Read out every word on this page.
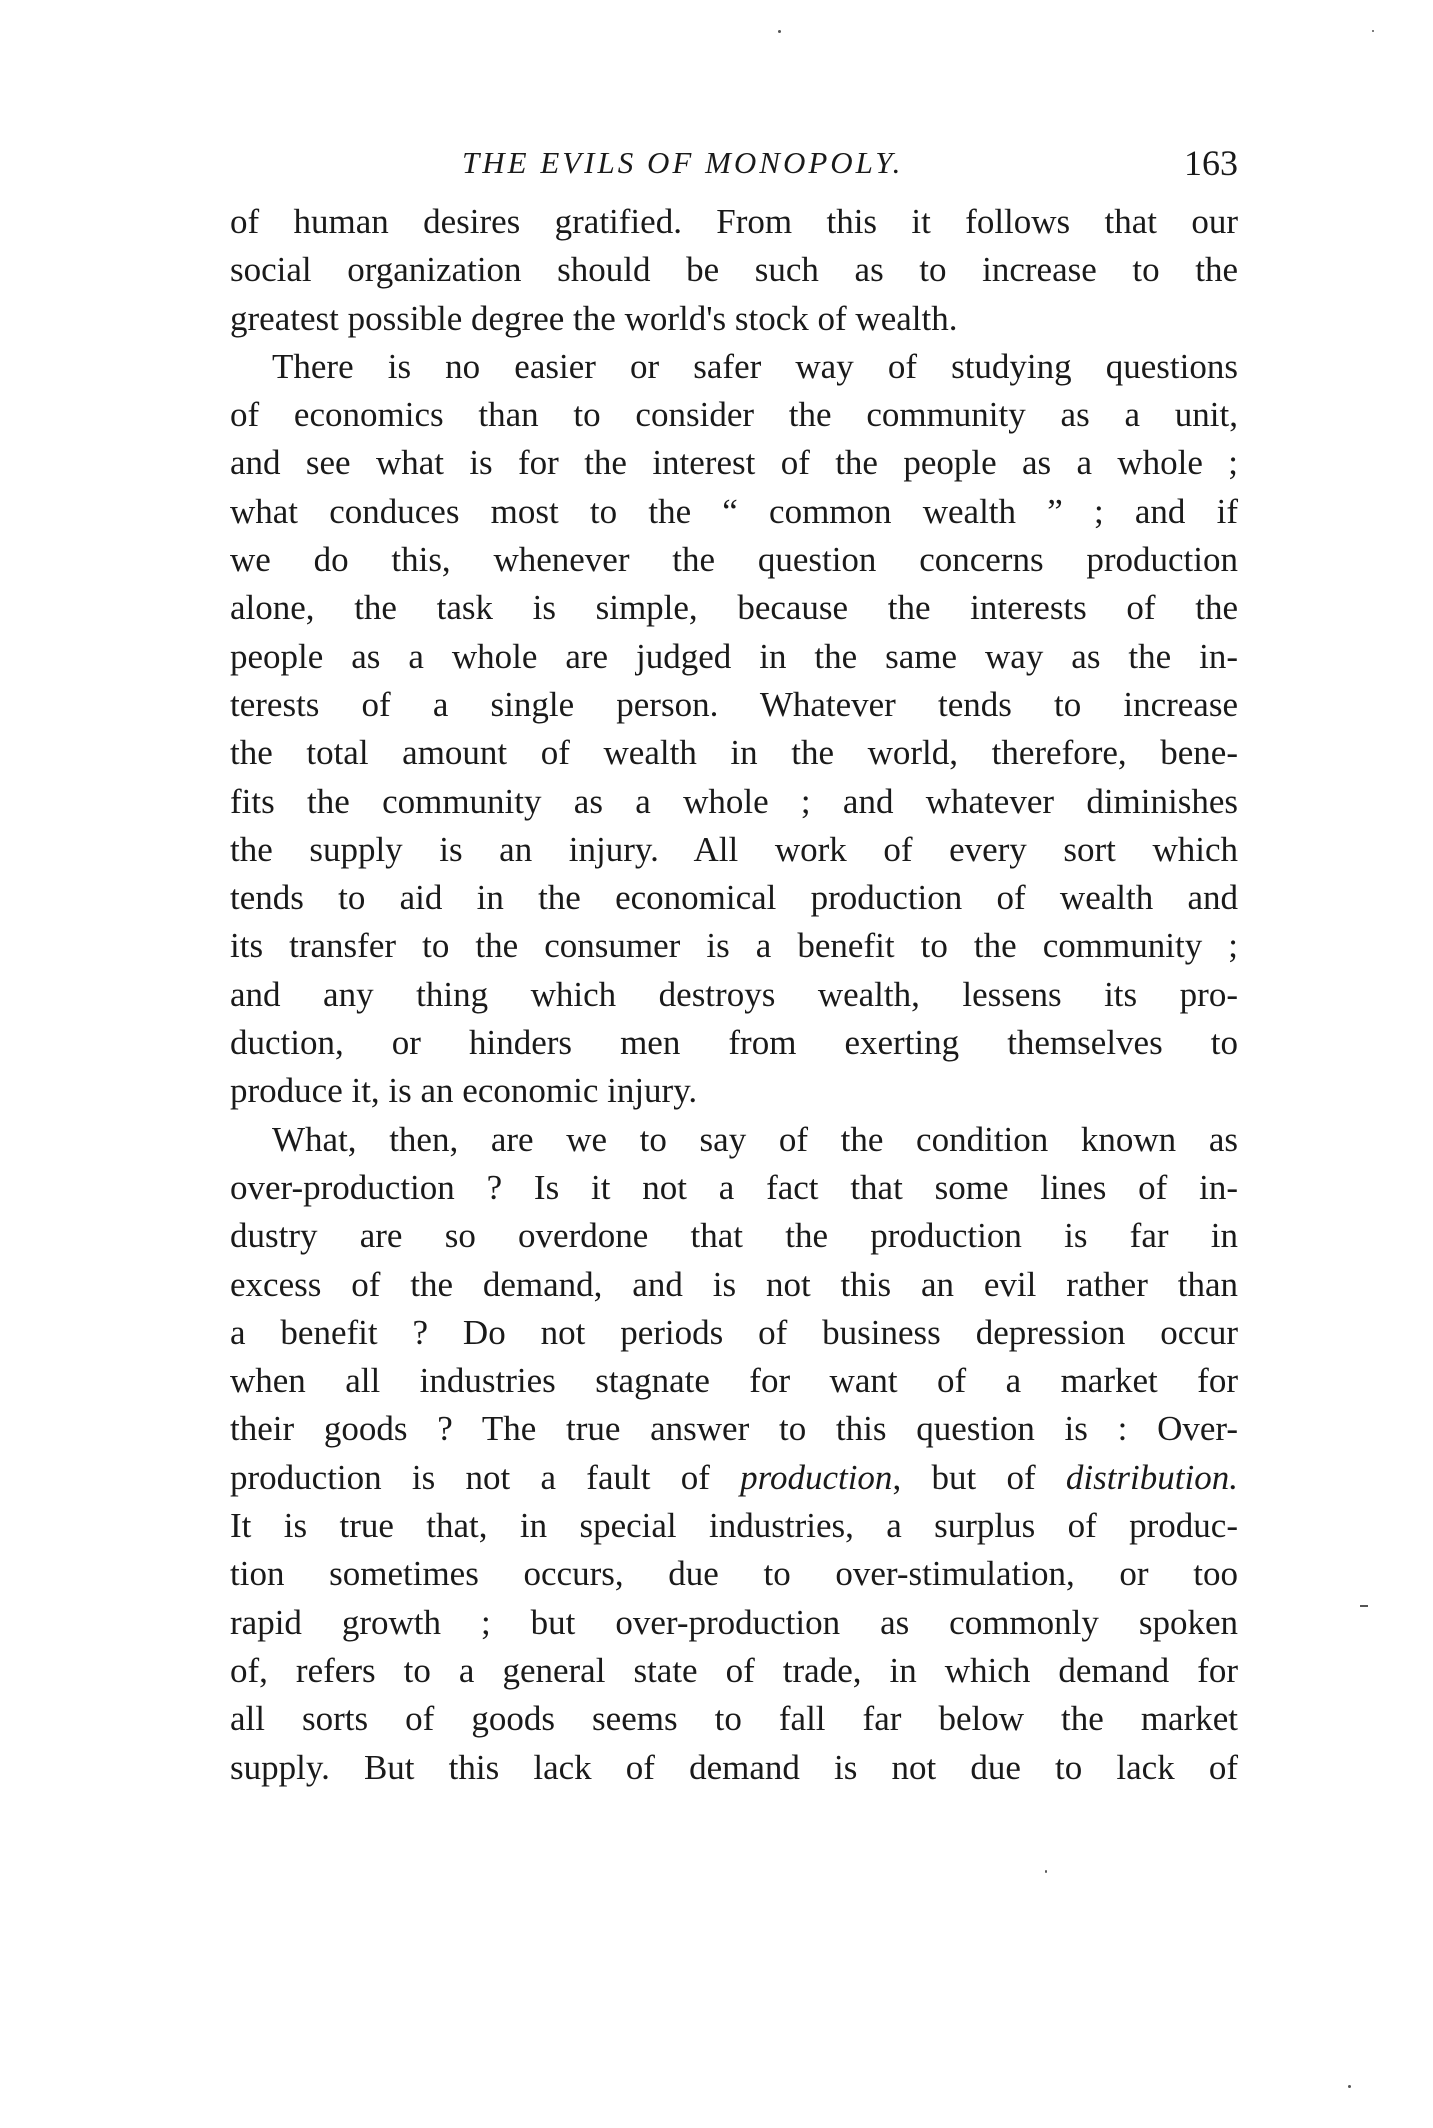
THE EVILS OF MONOPOLY.	163
of human desires gratified. From this it follows that our
social organization should be such as to increase to the
greatest possible degree the world's stock of wealth.
There is no easier or safer way of studying questions
of economics than to consider the community as a unit,
and see what is for the interest of the people as a whole ;
what conduces most to the “ common wealth ” ; and if
we do this, whenever the question concerns production
alone, the task is simple, because the interests of the
people as a whole are judged in the same way as the in-
terests of a single person. Whatever tends to increase
the total amount of wealth in the world, therefore, bene-
fits the community as a whole ; and whatever diminishes
the supply is an injury. All work of every sort which
tends to aid in the economical production of wealth and
its transfer to the consumer is a benefit to the community ;
and any thing which destroys wealth, lessens its pro-
duction, or hinders men from exerting themselves to
produce it, is an economic injury.
What, then, are we to say of the condition known as
over-production ? Is it not a fact that some lines of in-
dustry are so overdone that the production is far in
excess of the demand, and is not this an evil rather than
a benefit ? Do not periods of business depression occur
when all industries stagnate for want of a market for
their goods ? The true answer to this question is : Over-
production is not a fault of production, but of distribution.
It is true that, in special industries, a surplus of produc-
tion sometimes occurs, due to over-stimulation, or too
rapid growth ; but over-production as commonly spoken
of, refers to a general state of trade, in which demand for
all sorts of goods seems to fall far below the market
supply. But this lack of demand is not due to lack of
